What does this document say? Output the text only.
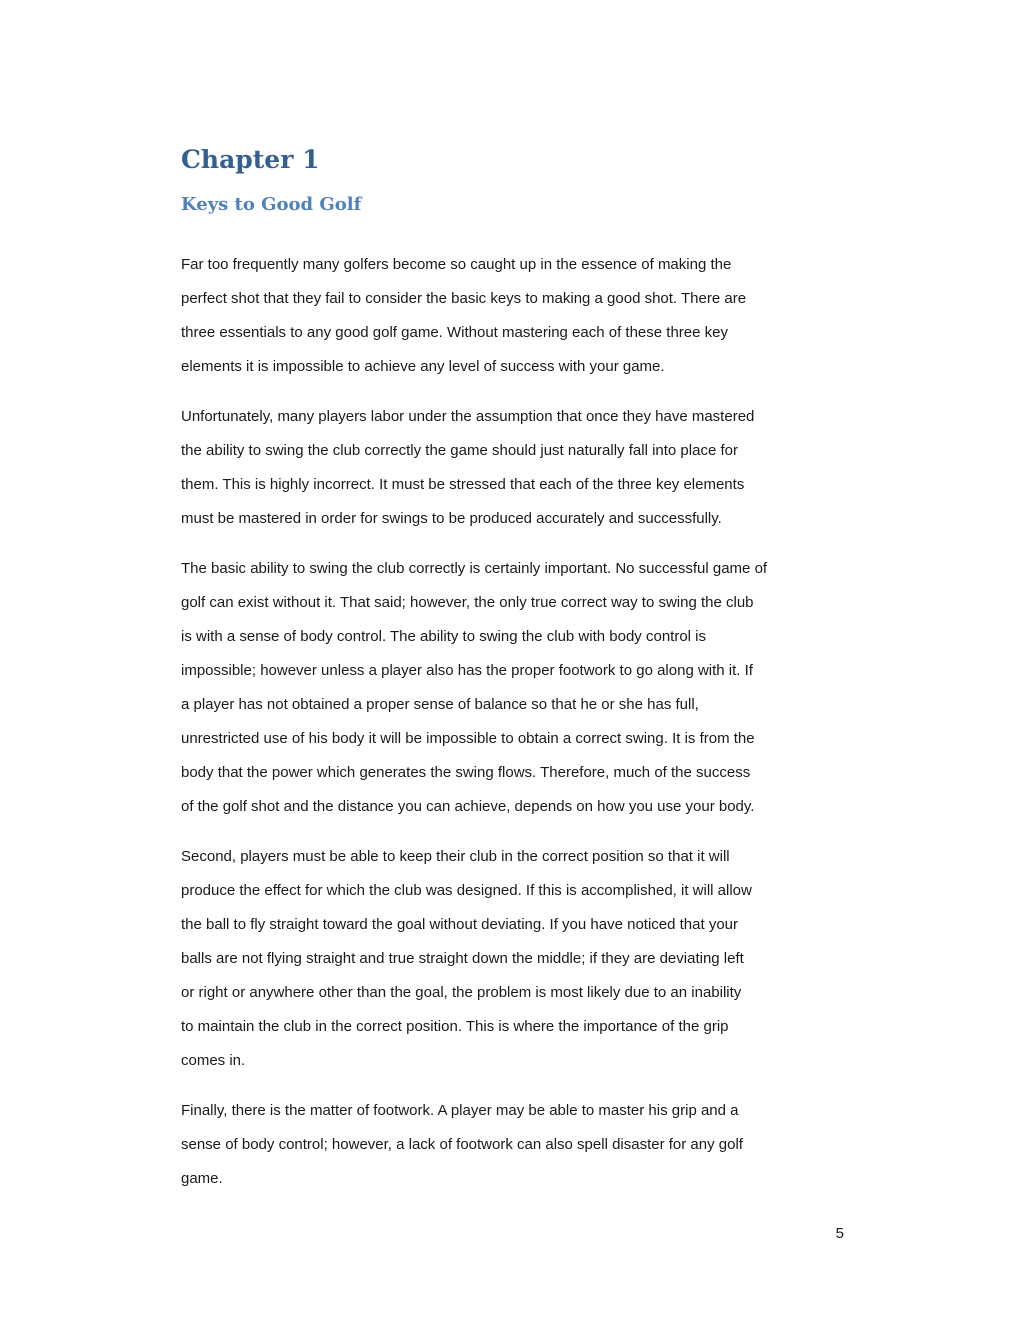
Chapter 1
Keys to Good Golf

Far too frequently many golfers become so caught up in the essence of making the
perfect shot that they fail to consider the basic keys to making a good shot. There are
three essentials to any good golf game. Without mastering each of these three key
elements it is impossible to achieve any level of success with your game.

Unfortunately, many players labor under the assumption that once they have mastered
the ability to swing the club correctly the game should just naturally fall into place for
them. This is highly incorrect. It must be stressed that each of the three key elements
must be mastered in order for swings to be produced accurately and successfully.

The basic ability to swing the club correctly is certainly important. No successful game of
golf can exist without it. That said; however, the only true correct way to swing the club
is with a sense of body control. The ability to swing the club with body control is
impossible; however unless a player also has the proper footwork to go along with it. If
a player has not obtained a proper sense of balance so that he or she has full,
unrestricted use of his body it will be impossible to obtain a correct swing. It is from the
body that the power which generates the swing flows. Therefore, much of the success
of the golf shot and the distance you can achieve, depends on how you use your body.

Second, players must be able to keep their club in the correct position so that it will
produce the effect for which the club was designed. If this is accomplished, it will allow
the ball to fly straight toward the goal without deviating. If you have noticed that your
balls are not flying straight and true straight down the middle; if they are deviating left
or right or anywhere other than the goal, the problem is most likely due to an inability
to maintain the club in the correct position. This is where the importance of the grip
comes in.

Finally, there is the matter of footwork. A player may be able to master his grip and a
sense of body control; however, a lack of footwork can also spell disaster for any golf
game.

5
